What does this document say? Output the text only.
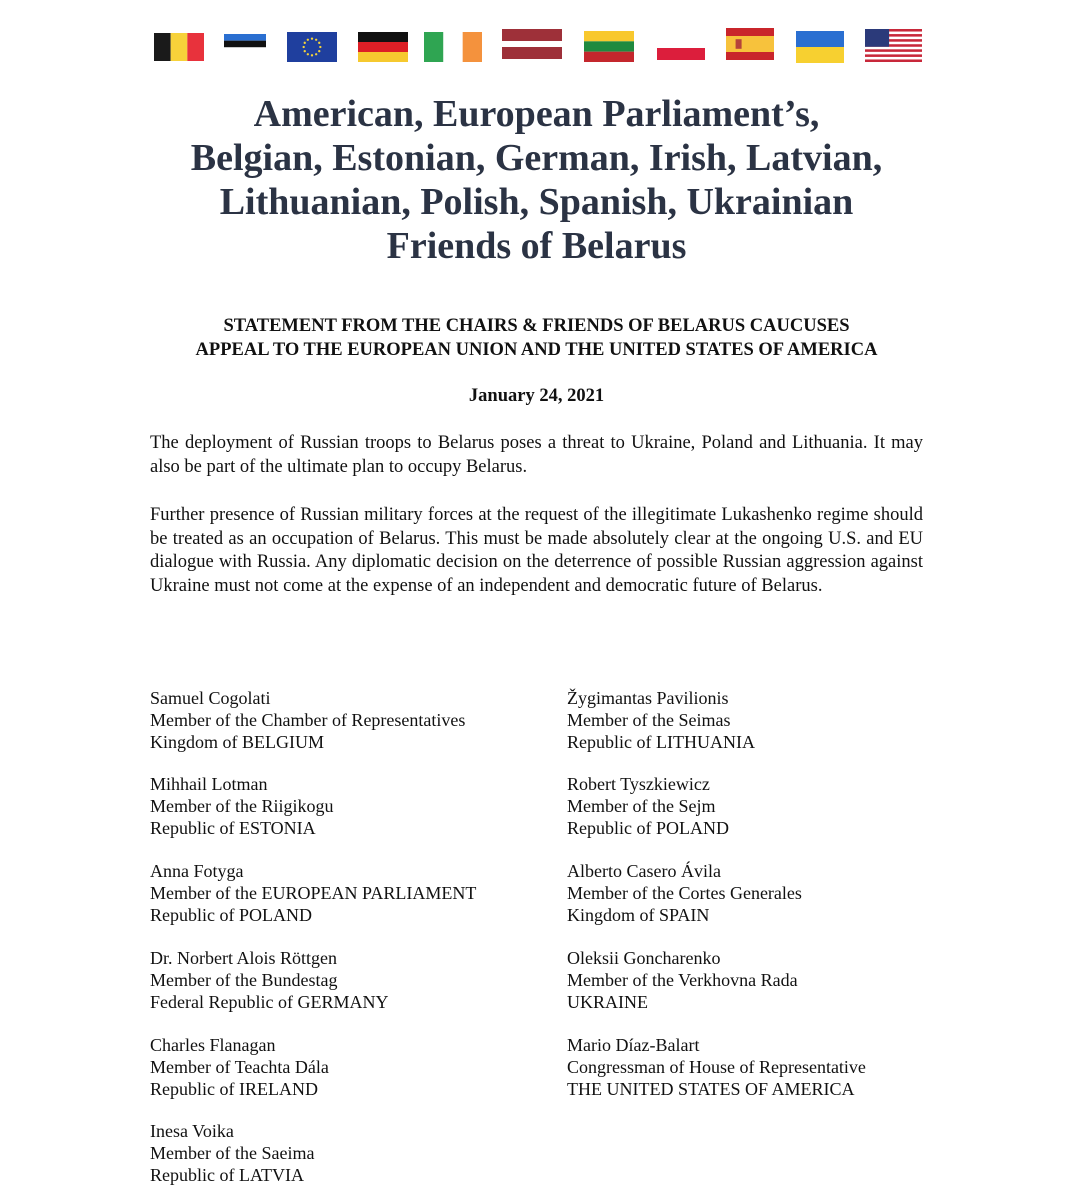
American, European Parliament’s,
Belgian, Estonian, German, Irish, Latvian,
Lithuanian, Polish, Spanish, Ukrainian
Friends of Belarus
STATEMENT FROM THE CHAIRS & FRIENDS OF BELARUS CAUCUSES
APPEAL TO THE EUROPEAN UNION AND THE UNITED STATES OF AMERICA
January 24, 2021
The deployment of Russian troops to Belarus poses a threat to Ukraine, Poland and Lithuania. It may also be part of the ultimate plan to occupy Belarus.
Further presence of Russian military forces at the request of the illegitimate Lukashenko regime should be treated as an occupation of Belarus. This must be made absolutely clear at the ongoing U.S. and EU dialogue with Russia. Any diplomatic decision on the deterrence of possible Russian aggression against Ukraine must not come at the expense of an independent and democratic future of Belarus.
Samuel Cogolati
Member of the Chamber of Representatives
Kingdom of BELGIUM
Mihhail Lotman
Member of the Riigikogu
Republic of ESTONIA
Anna Fotyga
Member of the EUROPEAN PARLIAMENT
Republic of POLAND
Dr. Norbert Alois Röttgen
Member of the Bundestag
Federal Republic of GERMANY
Charles Flanagan
Member of Teachta Dála
Republic of IRELAND
Inesa Voika
Member of the Saeima
Republic of LATVIA
Žygimantas Pavilionis
Member of the Seimas
Republic of LITHUANIA
Robert Tyszkiewicz
Member of the Sejm
Republic of POLAND
Alberto Casero Ávila
Member of the Cortes Generales
Kingdom of SPAIN
Oleksii Goncharenko
Member of the Verkhovna Rada
UKRAINE
Mario Díaz-Balart
Congressman of House of Representative
THE UNITED STATES OF AMERICA
